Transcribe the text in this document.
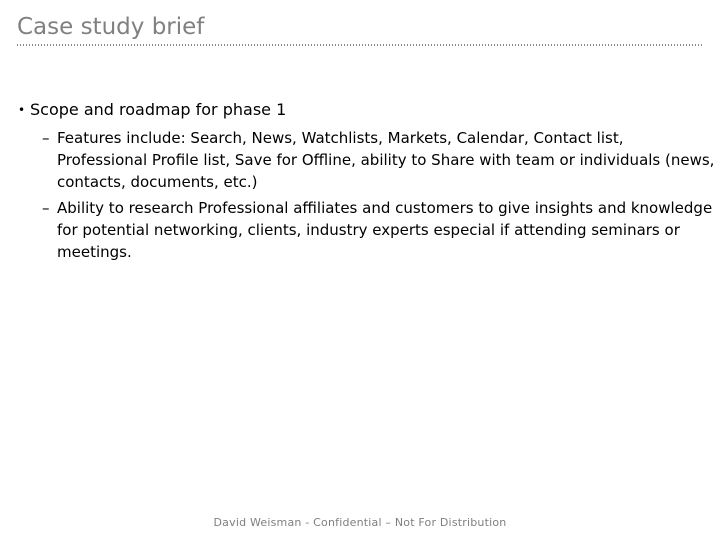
Case study brief
• Scope and roadmap for phase 1
– Features include: Search, News, Watchlists, Markets, Calendar, Contact list, Professional Profile list, Save for Offline, ability to Share with team or individuals (news, contacts, documents, etc.)
– Ability to research Professional affiliates and customers to give insights and knowledge for potential networking, clients, industry experts especial if attending seminars or meetings.
David Weisman - Confidential – Not For Distribution
